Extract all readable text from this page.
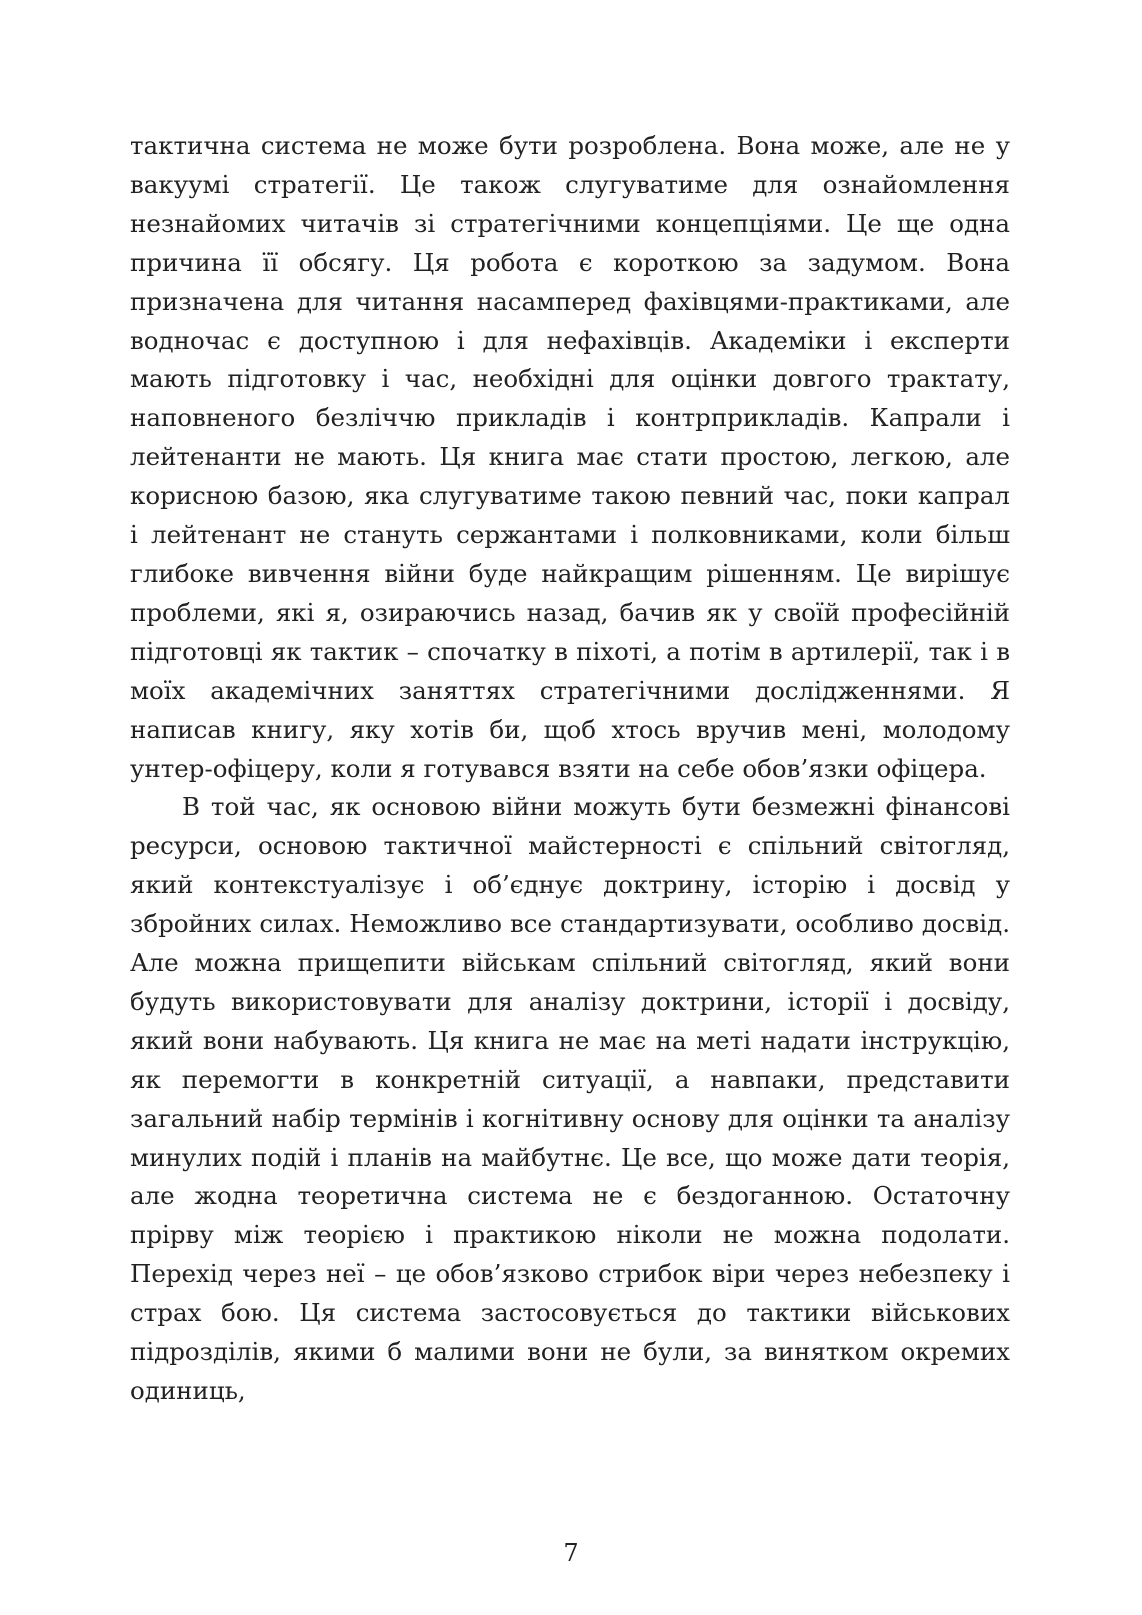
тактична система не може бути розроблена. Вона може, але не у вакуумі стратегії. Це також слугуватиме для ознайомлення незнайомих читачів зі стратегічними концепціями. Це ще одна причина її обсягу. Ця робота є короткою за задумом. Вона призначена для читання насамперед фахівцями-практиками, але водночас є доступною і для нефахівців. Академіки і експерти мають підготовку і час, необхідні для оцінки довгого трактату, наповненого безліччю прикладів і контрприкладів. Капрали і лейтенанти не мають. Ця книга має стати простою, легкою, але корисною базою, яка слугуватиме такою певний час, поки капрал і лейтенант не стануть сержантами і полковниками, коли більш глибоке вивчення війни буде найкращим рішенням. Це вирішує проблеми, які я, озираючись назад, бачив як у своїй професійній підготовці як тактик – спочатку в піхоті, а потім в артилерії, так і в моїх академічних заняттях стратегічними дослідженнями. Я написав книгу, яку хотів би, щоб хтось вручив мені, молодому унтер-офіцеру, коли я готувався взяти на себе обов’язки офіцера.

В той час, як основою війни можуть бути безмежні фінансові ресурси, основою тактичної майстерності є спільний світогляд, який контекстуалізує і об’єднує доктрину, історію і досвід у збройних силах. Неможливо все стандартизувати, особливо досвід. Але можна прищепити військам спільний світогляд, який вони будуть використовувати для аналізу доктрини, історії і досвіду, який вони набувають. Ця книга не має на меті надати інструкцію, як перемогти в конкретній ситуації, а навпаки, представити загальний набір термінів і когнітивну основу для оцінки та аналізу минулих подій і планів на майбутнє. Це все, що може дати теорія, але жодна теоретична система не є бездоганною. Остаточну прірву між теорією і практикою ніколи не можна подолати. Перехід через неї – це обов’язково стрибок віри через небезпеку і страх бою. Ця система застосовується до тактики військових підрозділів, якими б малими вони не були, за винятком окремих одиниць,

7
